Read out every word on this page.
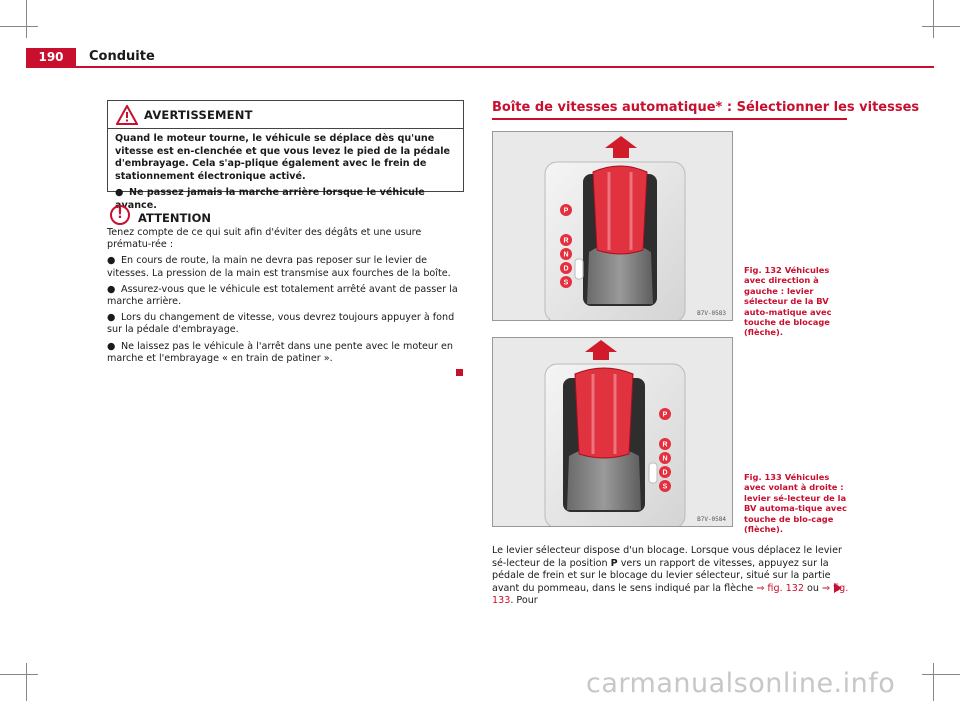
190	Conduite
AVERTISSEMENT

Quand le moteur tourne, le véhicule se déplace dès qu'une vitesse est en-clenchée et que vous levez le pied de la pédale d'embrayage. Cela s'ap-plique également avec le frein de stationnement électronique activé.

● Ne passez jamais la marche arrière lorsque le véhicule avance.

!	ATTENTION

Tenez compte de ce qui suit afin d'éviter des dégâts et une usure prématu-rée :

● En cours de route, la main ne devra pas reposer sur le levier de vitesses. La pression de la main est transmise aux fourches de la boîte.

● Assurez-vous que le véhicule est totalement arrêté avant de passer la marche arrière.

● Lors du changement de vitesse, vous devrez toujours appuyer à fond sur la pédale d'embrayage.

● Ne laissez pas le véhicule à l'arrêt dans une pente avec le moteur en marche et l'embrayage « en train de patiner ».

Boîte de vitesses automatique* : Sélectionner les vitesses
P
R
N
D
S
B7V-0583
Fig. 132 Véhicules avec direction à gauche : levier sélecteur de la BV auto-matique avec touche de blocage (flèche).
P
R
N
D
S
B7V-0584
Fig. 133 Véhicules avec volant à droite : levier sé-lecteur de la BV automa-tique avec touche de blo-cage (flèche).
Le levier sélecteur dispose d'un blocage. Lorsque vous déplacez le levier sé-lecteur de la position P vers un rapport de vitesses, appuyez sur la pédale de frein et sur le blocage du levier sélecteur, situé sur la partie avant du pommeau, dans le sens indiqué par la flèche ⇒ fig. 132 ou ⇒ fig. 133. Pour
carmanualsonline.info
